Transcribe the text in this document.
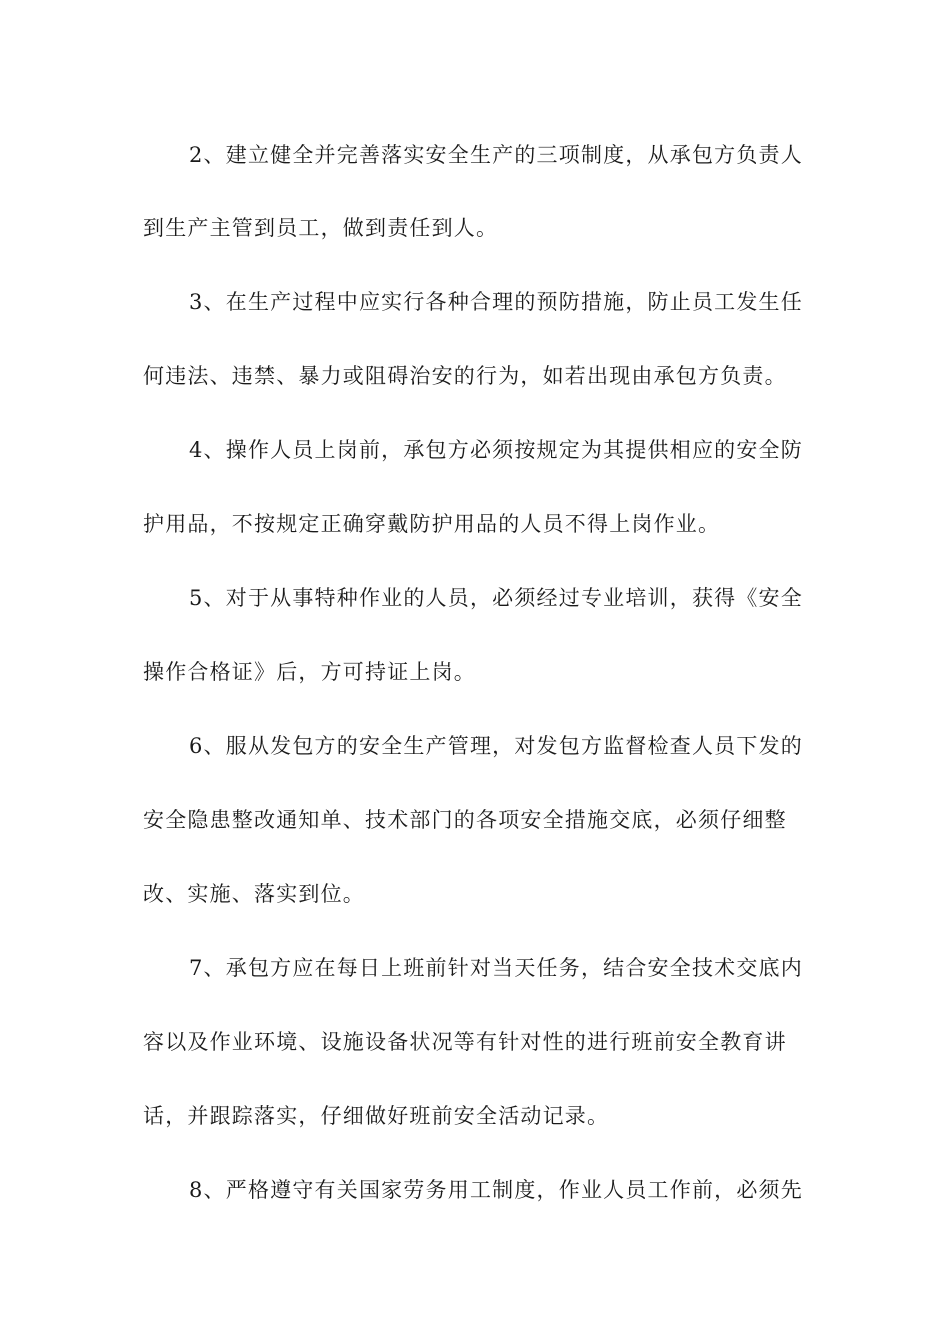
2、建立健全并完善落实安全生产的三项制度，从承包方负责人
到生产主管到员工，做到责任到人。
3、在生产过程中应实行各种合理的预防措施，防止员工发生任
何违法、违禁、暴力或阻碍治安的行为，如若出现由承包方负责。
4、操作人员上岗前，承包方必须按规定为其提供相应的安全防
护用品，不按规定正确穿戴防护用品的人员不得上岗作业。
5、对于从事特种作业的人员，必须经过专业培训，获得《安全
操作合格证》后，方可持证上岗。
6、服从发包方的安全生产管理，对发包方监督检查人员下发的
安全隐患整改通知单、技术部门的各项安全措施交底，必须仔细整
改、实施、落实到位。
7、承包方应在每日上班前针对当天任务，结合安全技术交底内
容以及作业环境、设施设备状况等有针对性的进行班前安全教育讲
话，并跟踪落实，仔细做好班前安全活动记录。
8、严格遵守有关国家劳务用工制度，作业人员工作前，必须先
